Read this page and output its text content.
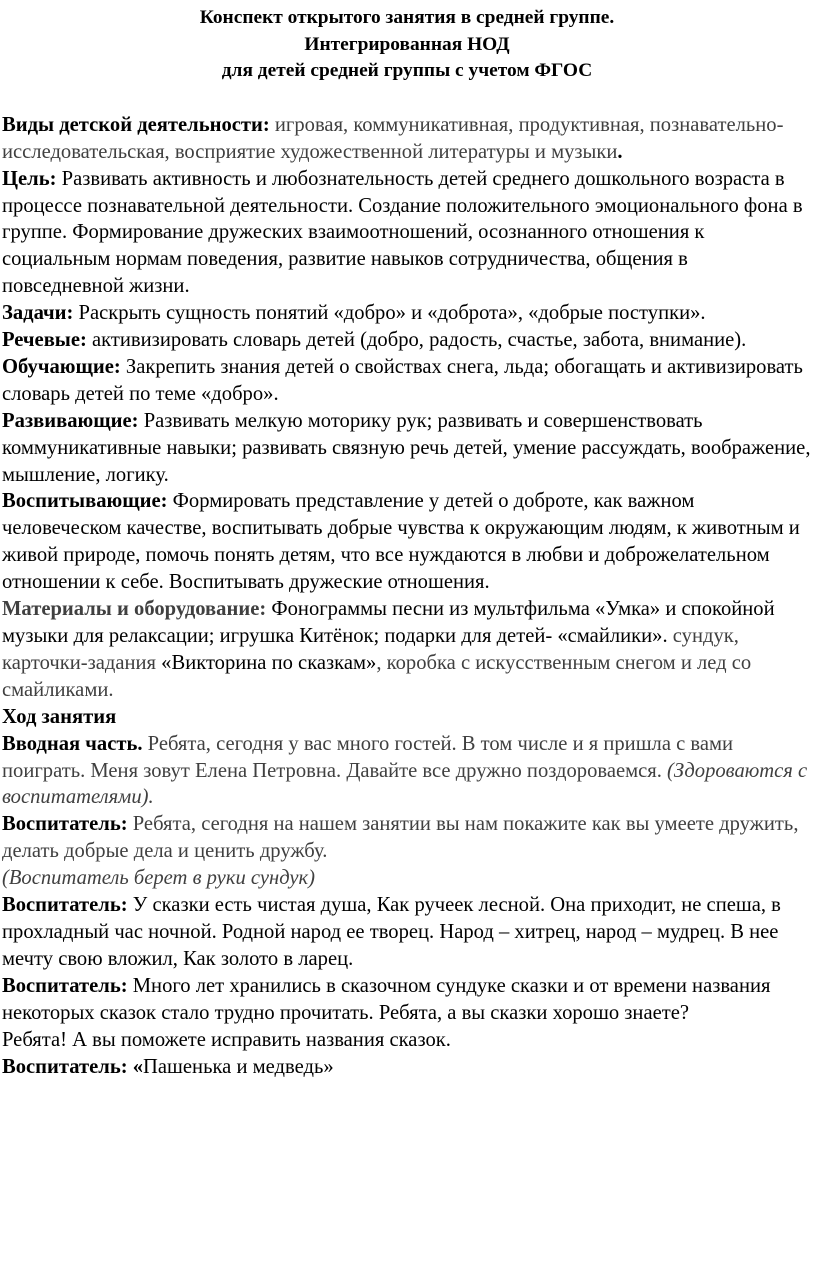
Конспект открытого занятия в средней группе.
Интегрированная НОД
для детей средней группы с учетом ФГОС

Виды детской деятельности: игровая, коммуникативная, продуктивная, познавательно-исследовательская, восприятие художественной литературы и музыки.

Цель: Развивать активность и любознательность детей среднего дошкольного возраста в процессе познавательной деятельности. Создание положительного эмоционального фона в группе. Формирование дружеских взаимоотношений, осознанного отношения к социальным нормам поведения, развитие навыков сотрудничества, общения в повседневной жизни.

Задачи: Раскрыть сущность понятий «добро» и «доброта», «добрые поступки».

Речевые: активизировать словарь детей (добро, радость, счастье, забота, внимание).

Обучающие: Закрепить знания детей о свойствах снега, льда; обогащать и активизировать словарь детей по теме «добро».

Развивающие: Развивать мелкую моторику рук; развивать и совершенствовать коммуникативные навыки; развивать связную речь детей, умение рассуждать, воображение, мышление, логику.

Воспитывающие: Формировать представление у детей о доброте, как важном человеческом качестве, воспитывать добрые чувства к окружающим людям, к животным и живой природе, помочь понять детям, что все нуждаются в любви и доброжелательном отношении к себе. Воспитывать дружеские отношения.

Материалы и оборудование: Фонограммы песни из мультфильма «Умка» и спокойной музыки для релаксации; игрушка Китёнок; подарки для детей- «смайлики». сундук, карточки-задания «Викторина по сказкам», коробка с искусственным снегом и лед со смайликами.

Ход занятия

Вводная часть. Ребята, сегодня у вас много гостей. В том числе и я пришла с вами поиграть. Меня зовут Елена Петровна. Давайте все дружно поздороваемся. (Здороваются с воспитателями).

Воспитатель: Ребята, сегодня на нашем занятии вы нам покажите как вы умеете дружить, делать добрые дела и ценить дружбу.
(Воспитатель берет в руки сундук)

Воспитатель: У сказки есть чистая душа, Как ручеек лесной. Она приходит, не спеша, в прохладный час ночной. Родной народ ее творец. Народ – хитрец, народ – мудрец. В нее мечту свою вложил, Как золото в ларец.

Воспитатель: Много лет хранились в сказочном сундуке сказки и от времени названия некоторых сказок стало трудно прочитать. Ребята, а вы сказки хорошо знаете?

Ребята! А вы поможете исправить названия сказок.

Воспитатель: «Пашенька и медведь»
